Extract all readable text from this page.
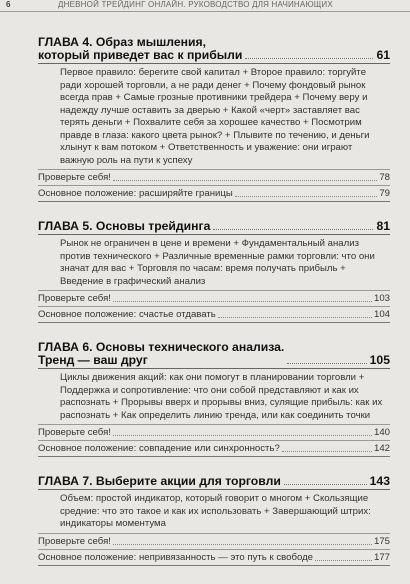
6	ДНЕВНОЙ ТРЕЙДИНГ ОНЛАЙН. РУКОВОДСТВО ДЛЯ НАЧИНАЮЩИХ
ГЛАВА 4. Образ мышления,
который приведет вас к прибыли	61
Первое правило: берегите свой капитал + Второе правило: торгуйте ради хорошей торговли, а не ради денег + Почему фондовый рынок всегда прав + Самые грозные противники трейдера + Почему веру и надежду лучше оставить за дверью + Какой «черт» заставляет вас терять деньги + Похвалите себя за хорошее качество + Посмотрим правде в глаза: какого цвета рынок? + Плывите по течению, и деньги хлынут к вам потоком + Ответственность и уважение: они играют важную роль на пути к успеху
Проверьте себя!	78
Основное положение: расширяйте границы	79
ГЛАВА 5. Основы трейдинга	81
Рынок не ограничен в цене и времени + Фундаментальный анализ против технического + Различные временные рамки торговли: что они значат для вас + Торговля по часам: время получать прибыль + Введение в графический анализ
Проверьте себя!	103
Основное положение: счастье отдавать	104
ГЛАВА 6. Основы технического анализа.
Тренд — ваш друг	105
Циклы движения акций: как они помогут в планировании торговли + Поддержка и сопротивление: что они собой представляют и как их распознать + Прорывы вверх и прорывы вниз, сулящие прибыль: как их распознать + Как определить линию тренда, или как соединить точки
Проверьте себя!	140
Основное положение: совпадение или синхронность?	142
ГЛАВА 7. Выберите акции для торговли	143
Объем: простой индикатор, который говорит о многом + Скользящие средние: что это такое и как их использовать + Завершающий штрих: индикаторы моментума
Проверьте себя!	175
Основное положение: непривязанность — это путь к свободе	177
